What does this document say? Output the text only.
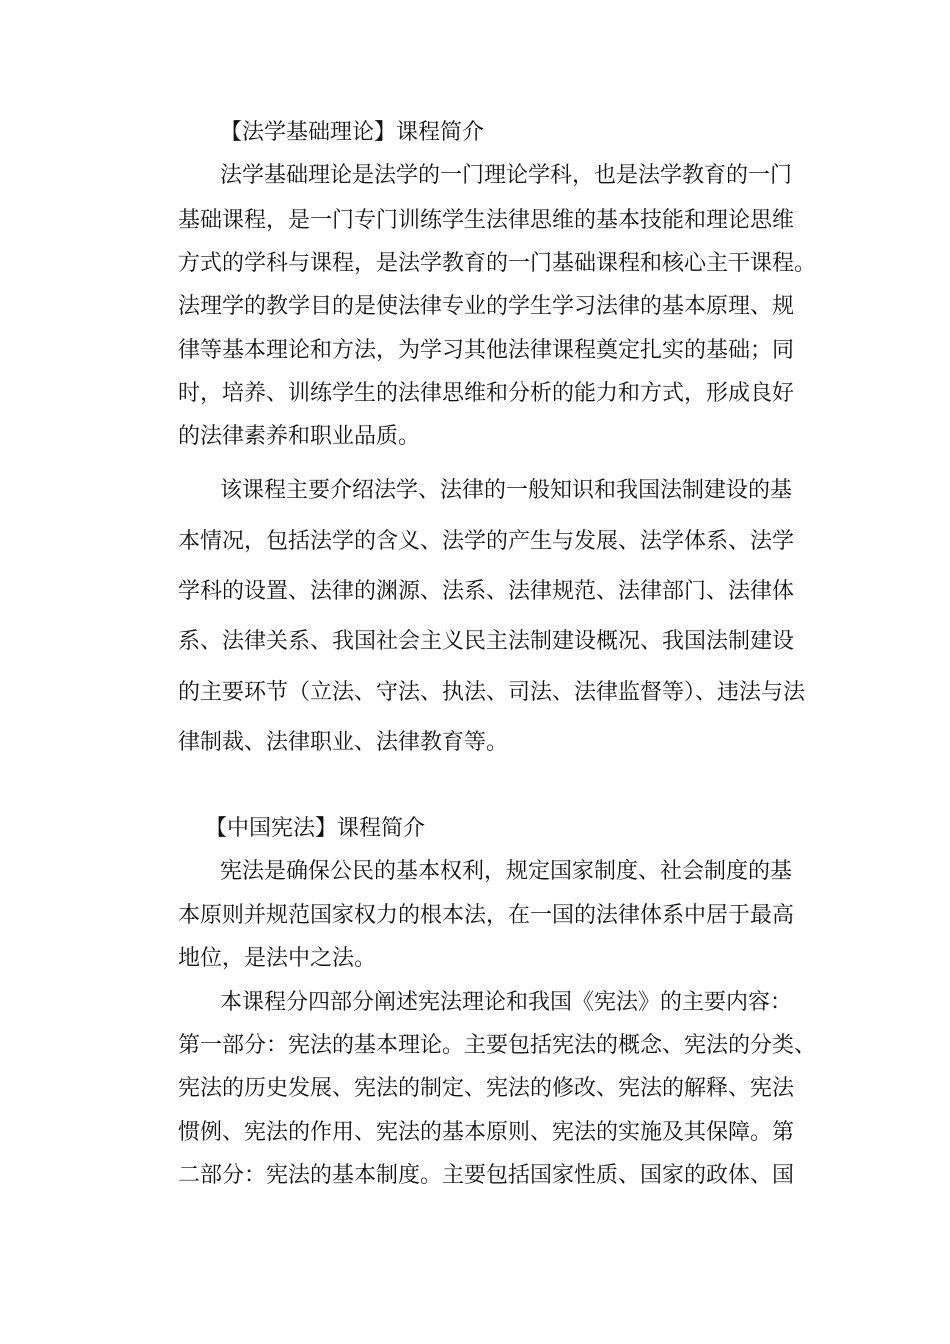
【法学基础理论】课程简介
法学基础理论是法学的一门理论学科，也是法学教育的一门
基础课程，是一门专门训练学生法律思维的基本技能和理论思维
方式的学科与课程，是法学教育的一门基础课程和核心主干课程。
法理学的教学目的是使法律专业的学生学习法律的基本原理、规
律等基本理论和方法，为学习其他法律课程奠定扎实的基础；同
时，培养、训练学生的法律思维和分析的能力和方式，形成良好
的法律素养和职业品质。
该课程主要介绍法学、法律的一般知识和我国法制建设的基
本情况，包括法学的含义、法学的产生与发展、法学体系、法学
学科的设置、法律的渊源、法系、法律规范、法律部门、法律体
系、法律关系、我国社会主义民主法制建设概况、我国法制建设
的主要环节（立法、守法、执法、司法、法律监督等）、违法与法
律制裁、法律职业、法律教育等。
【中国宪法】课程简介
宪法是确保公民的基本权利，规定国家制度、社会制度的基
本原则并规范国家权力的根本法，在一国的法律体系中居于最高
地位，是法中之法。
本课程分四部分阐述宪法理论和我国《宪法》的主要内容：
第一部分：宪法的基本理论。主要包括宪法的概念、宪法的分类、
宪法的历史发展、宪法的制定、宪法的修改、宪法的解释、宪法
惯例、宪法的作用、宪法的基本原则、宪法的实施及其保障。第
二部分：宪法的基本制度。主要包括国家性质、国家的政体、国
